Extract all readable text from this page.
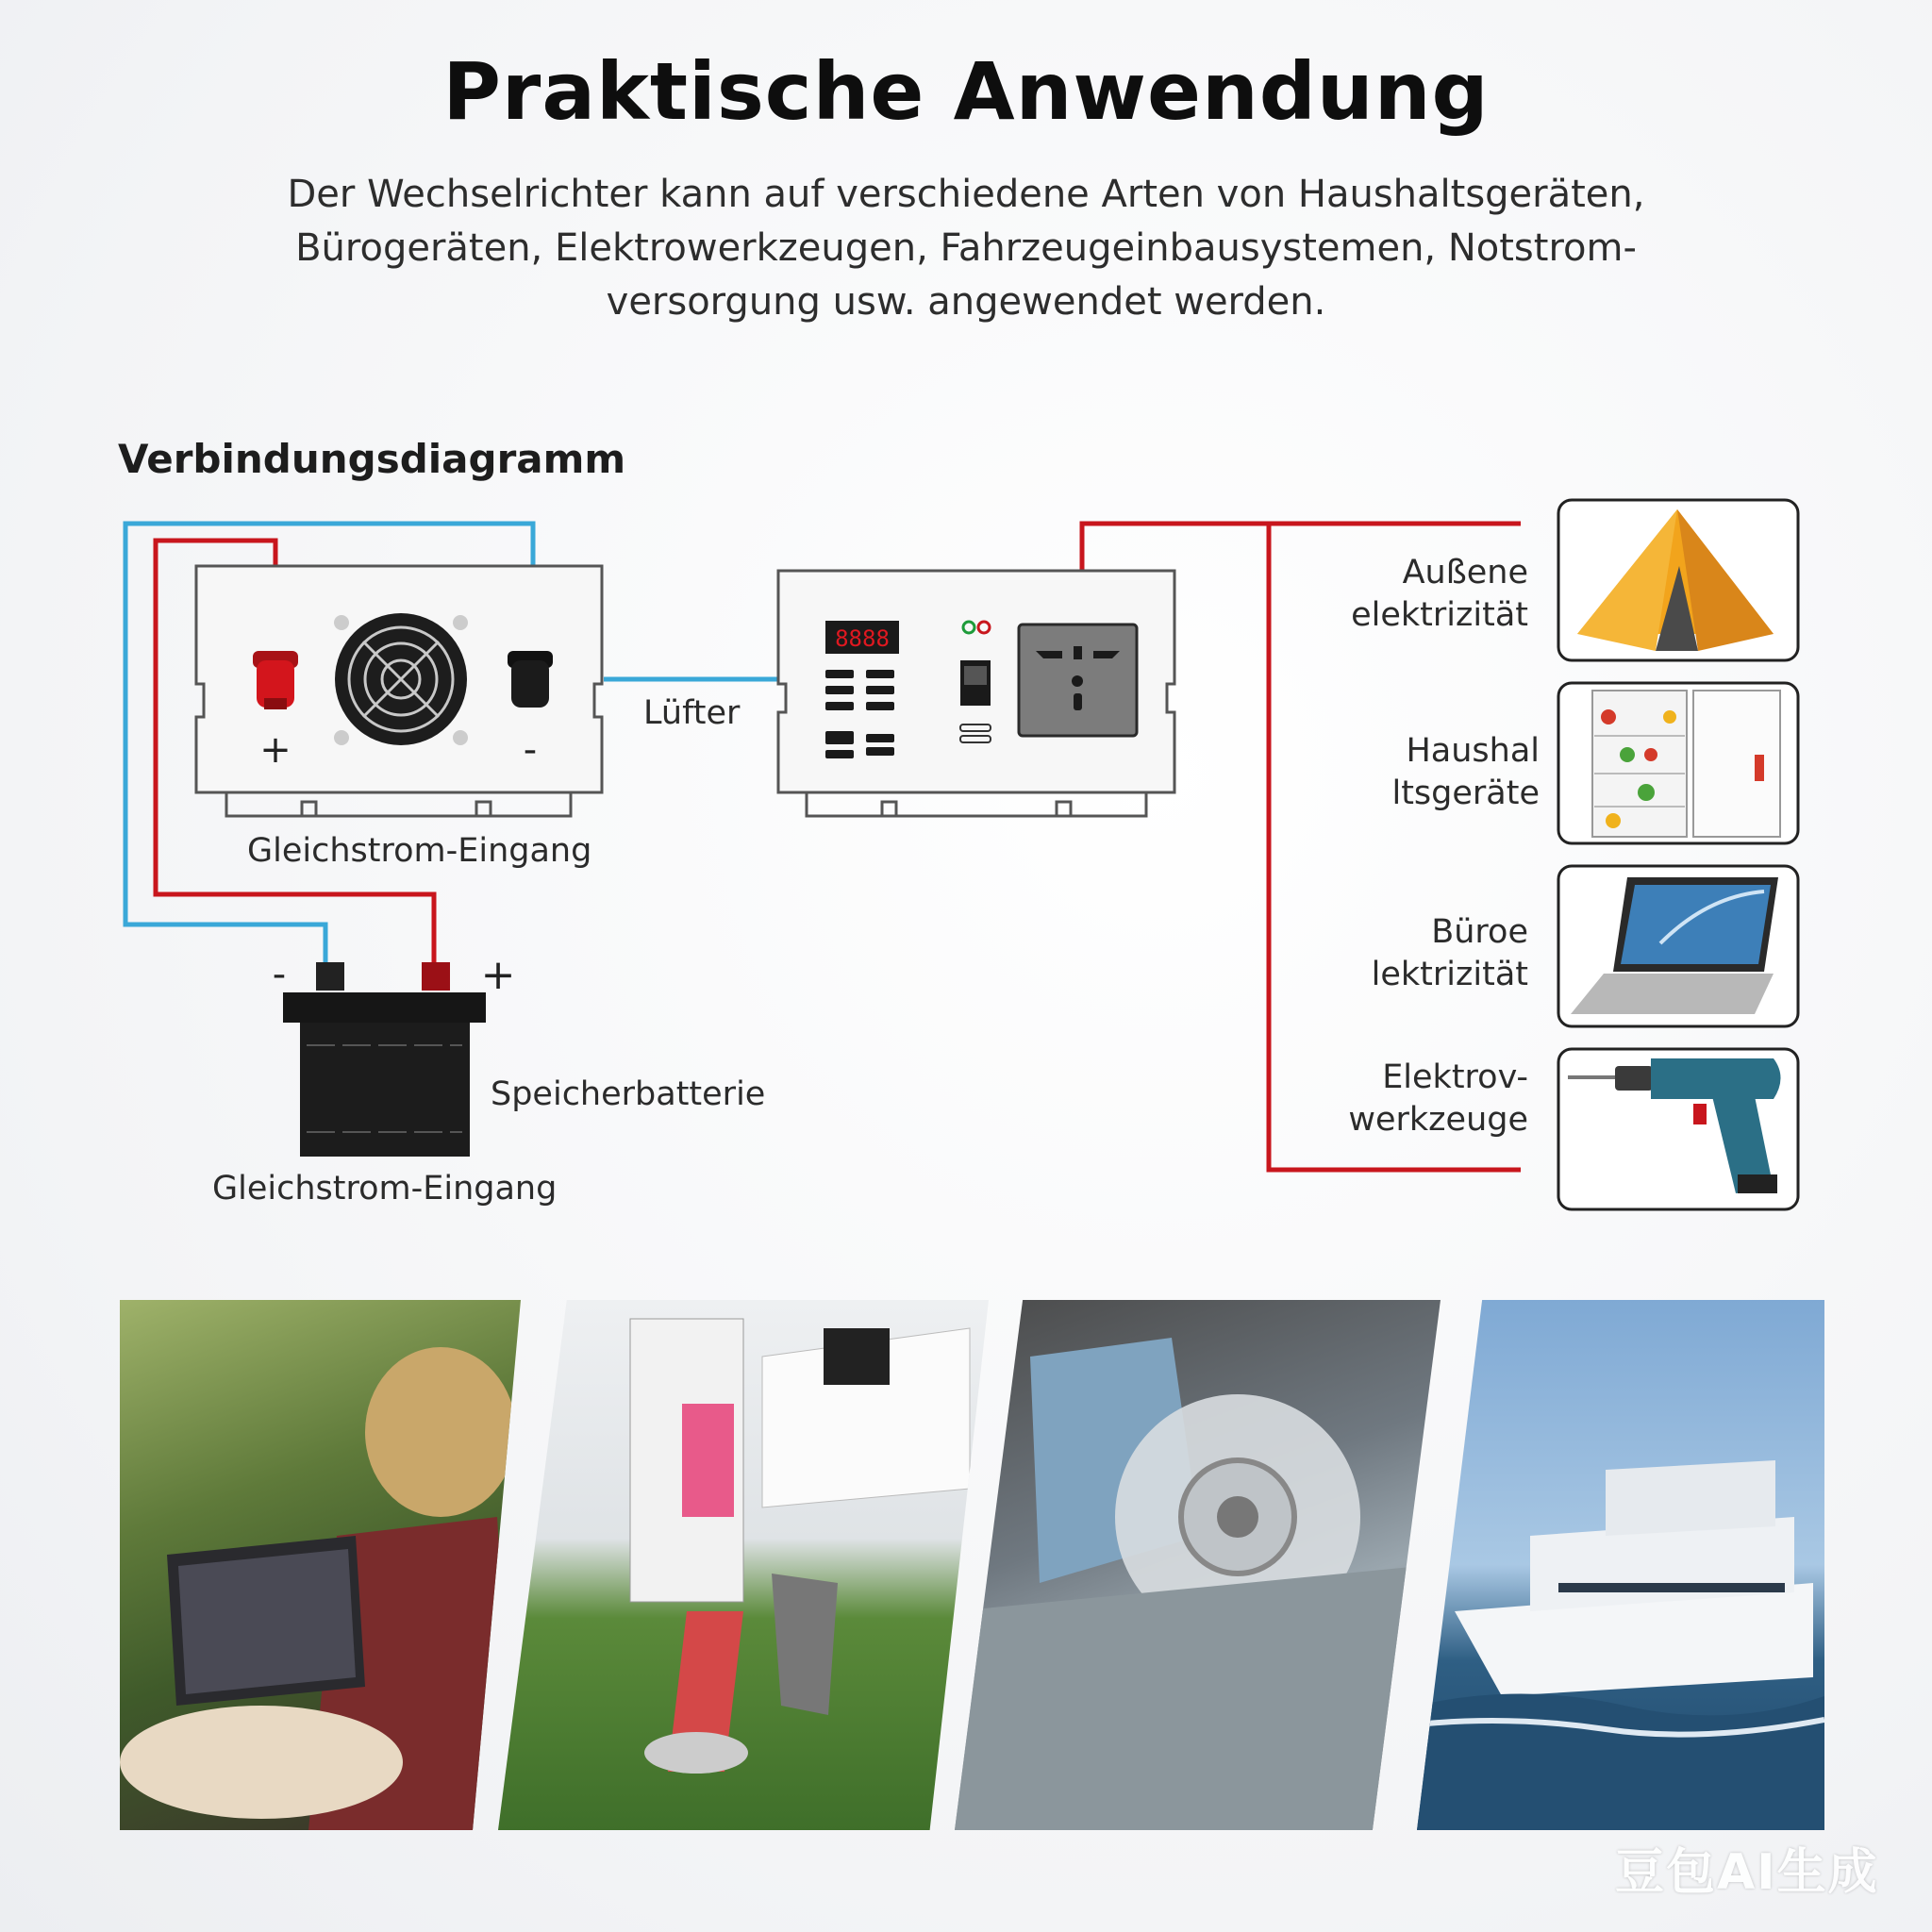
Praktische Anwendung
Der Wechselrichter kann auf verschiedene Arten von Haushaltsgeräten,
Bürogeräten, Elektrowerkzeugen, Fahrzeugeinbausystemen, Notstrom-
versorgung usw. angewendet werden.
Verbindungsdiagramm
+	-
8888
-	+
Gleichstrom-Eingang
Lüfter
Speicherbatterie
Gleichstrom-Eingang
Außene
elektrizität
Haushal
ltsgeräte
Büroe
lektrizität
Elektrov-
werkzeuge
豆包AI生成
